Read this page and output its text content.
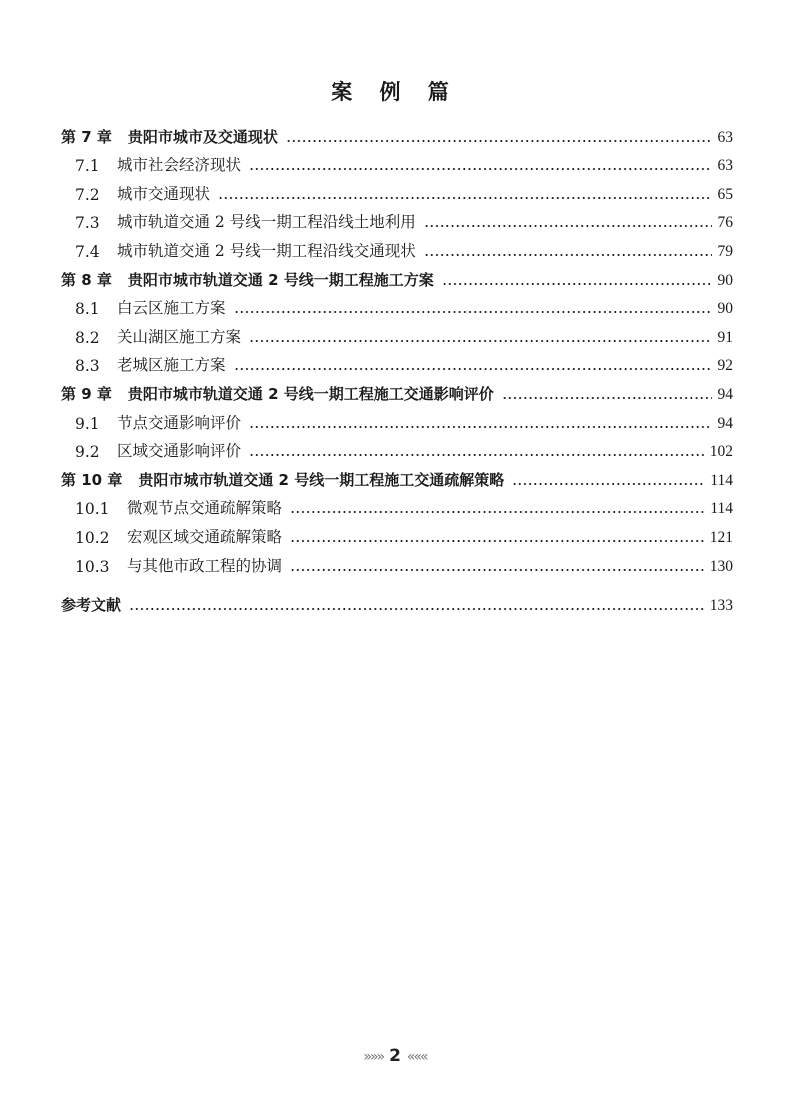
案 例 篇
第 7 章 贵阳市城市及交通现状	63
7.1	城市社会经济现状	63
7.2	城市交通现状	65
7.3	城市轨道交通 2 号线一期工程沿线土地利用	76
7.4	城市轨道交通 2 号线一期工程沿线交通现状	79
第 8 章 贵阳市城市轨道交通 2 号线一期工程施工方案	90
8.1	白云区施工方案	90
8.2	关山湖区施工方案	91
8.3	老城区施工方案	92
第 9 章 贵阳市城市轨道交通 2 号线一期工程施工交通影响评价	94
9.1	节点交通影响评价	94
9.2	区域交通影响评价	102
第 10 章 贵阳市城市轨道交通 2 号线一期工程施工交通疏解策略	114
10.1	微观节点交通疏解策略	114
10.2	宏观区域交通疏解策略	121
10.3	与其他市政工程的协调	130
参考文献	133
»»» 2 «««
